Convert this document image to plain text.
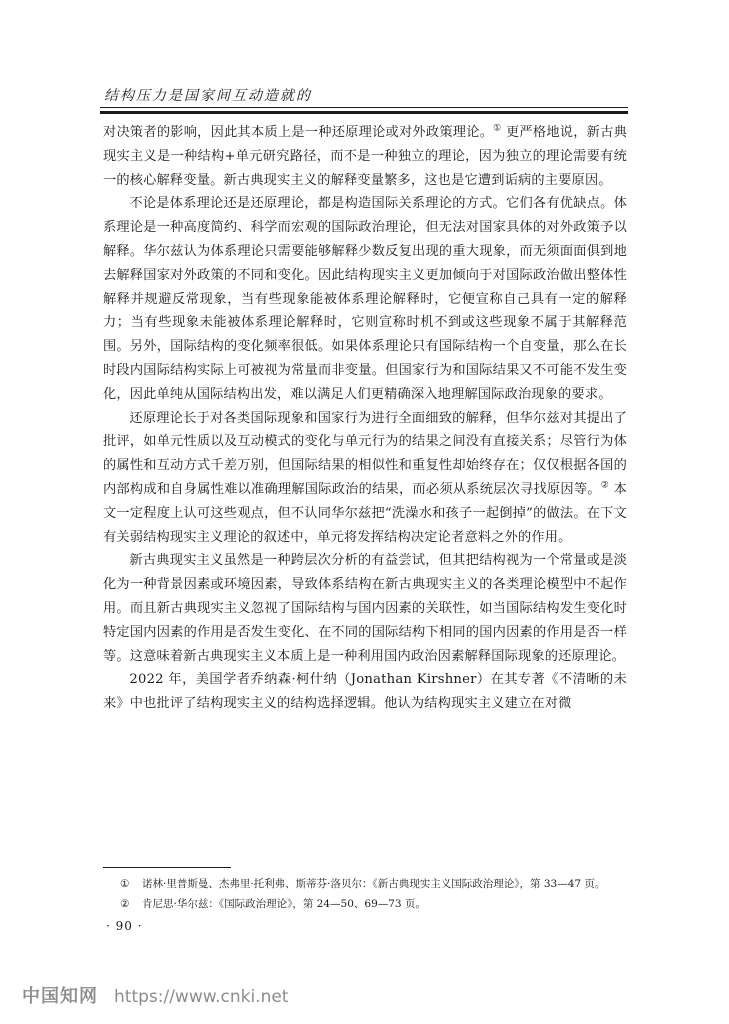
结构压力是国家间互动造就的

对决策者的影响，因此其本质上是一种还原理论或对外政策理论。① 更严格地说，新古典现实主义是一种结构+单元研究路径，而不是一种独立的理论，因为独立的理论需要有统一的核心解释变量。新古典现实主义的解释变量繁多，这也是它遭到诟病的主要原因。

不论是体系理论还是还原理论，都是构造国际关系理论的方式。它们各有优缺点。体系理论是一种高度简约、科学而宏观的国际政治理论，但无法对国家具体的对外政策予以解释。华尔兹认为体系理论只需要能够解释少数反复出现的重大现象，而无须面面俱到地去解释国家对外政策的不同和变化。因此结构现实主义更加倾向于对国际政治做出整体性解释并规避反常现象，当有些现象能被体系理论解释时，它便宣称自己具有一定的解释力；当有些现象未能被体系理论解释时，它则宣称时机不到或这些现象不属于其解释范围。另外，国际结构的变化频率很低。如果体系理论只有国际结构一个自变量，那么在长时段内国际结构实际上可被视为常量而非变量。但国家行为和国际结果又不可能不发生变化，因此单纯从国际结构出发，难以满足人们更精确深入地理解国际政治现象的要求。

还原理论长于对各类国际现象和国家行为进行全面细致的解释，但华尔兹对其提出了批评，如单元性质以及互动模式的变化与单元行为的结果之间没有直接关系；尽管行为体的属性和互动方式千差万别，但国际结果的相似性和重复性却始终存在；仅仅根据各国的内部构成和自身属性难以准确理解国际政治的结果，而必须从系统层次寻找原因等。② 本文一定程度上认可这些观点，但不认同华尔兹把“洗澡水和孩子一起倒掉”的做法。在下文有关弱结构现实主义理论的叙述中，单元将发挥结构决定论者意料之外的作用。

新古典现实主义虽然是一种跨层次分析的有益尝试，但其把结构视为一个常量或是淡化为一种背景因素或环境因素，导致体系结构在新古典现实主义的各类理论模型中不起作用。而且新古典现实主义忽视了国际结构与国内因素的关联性，如当国际结构发生变化时特定国内因素的作用是否发生变化、在不同的国际结构下相同的国内因素的作用是否一样等。这意味着新古典现实主义本质上是一种利用国内政治因素解释国际现象的还原理论。

2022 年，美国学者乔纳森·柯什纳（Jonathan Kirshner）在其专著《不清晰的未来》中也批评了结构现实主义的结构选择逻辑。他认为结构现实主义建立在对微

① 诺林·里普斯曼、杰弗里·托利弗、斯蒂芬·洛贝尔：《新古典现实主义国际政治理论》，第 33—47 页。
② 肯尼思·华尔兹：《国际政治理论》，第 24—50、69—73 页。
· 90 ·
中国知网 https://www.cnki.net
